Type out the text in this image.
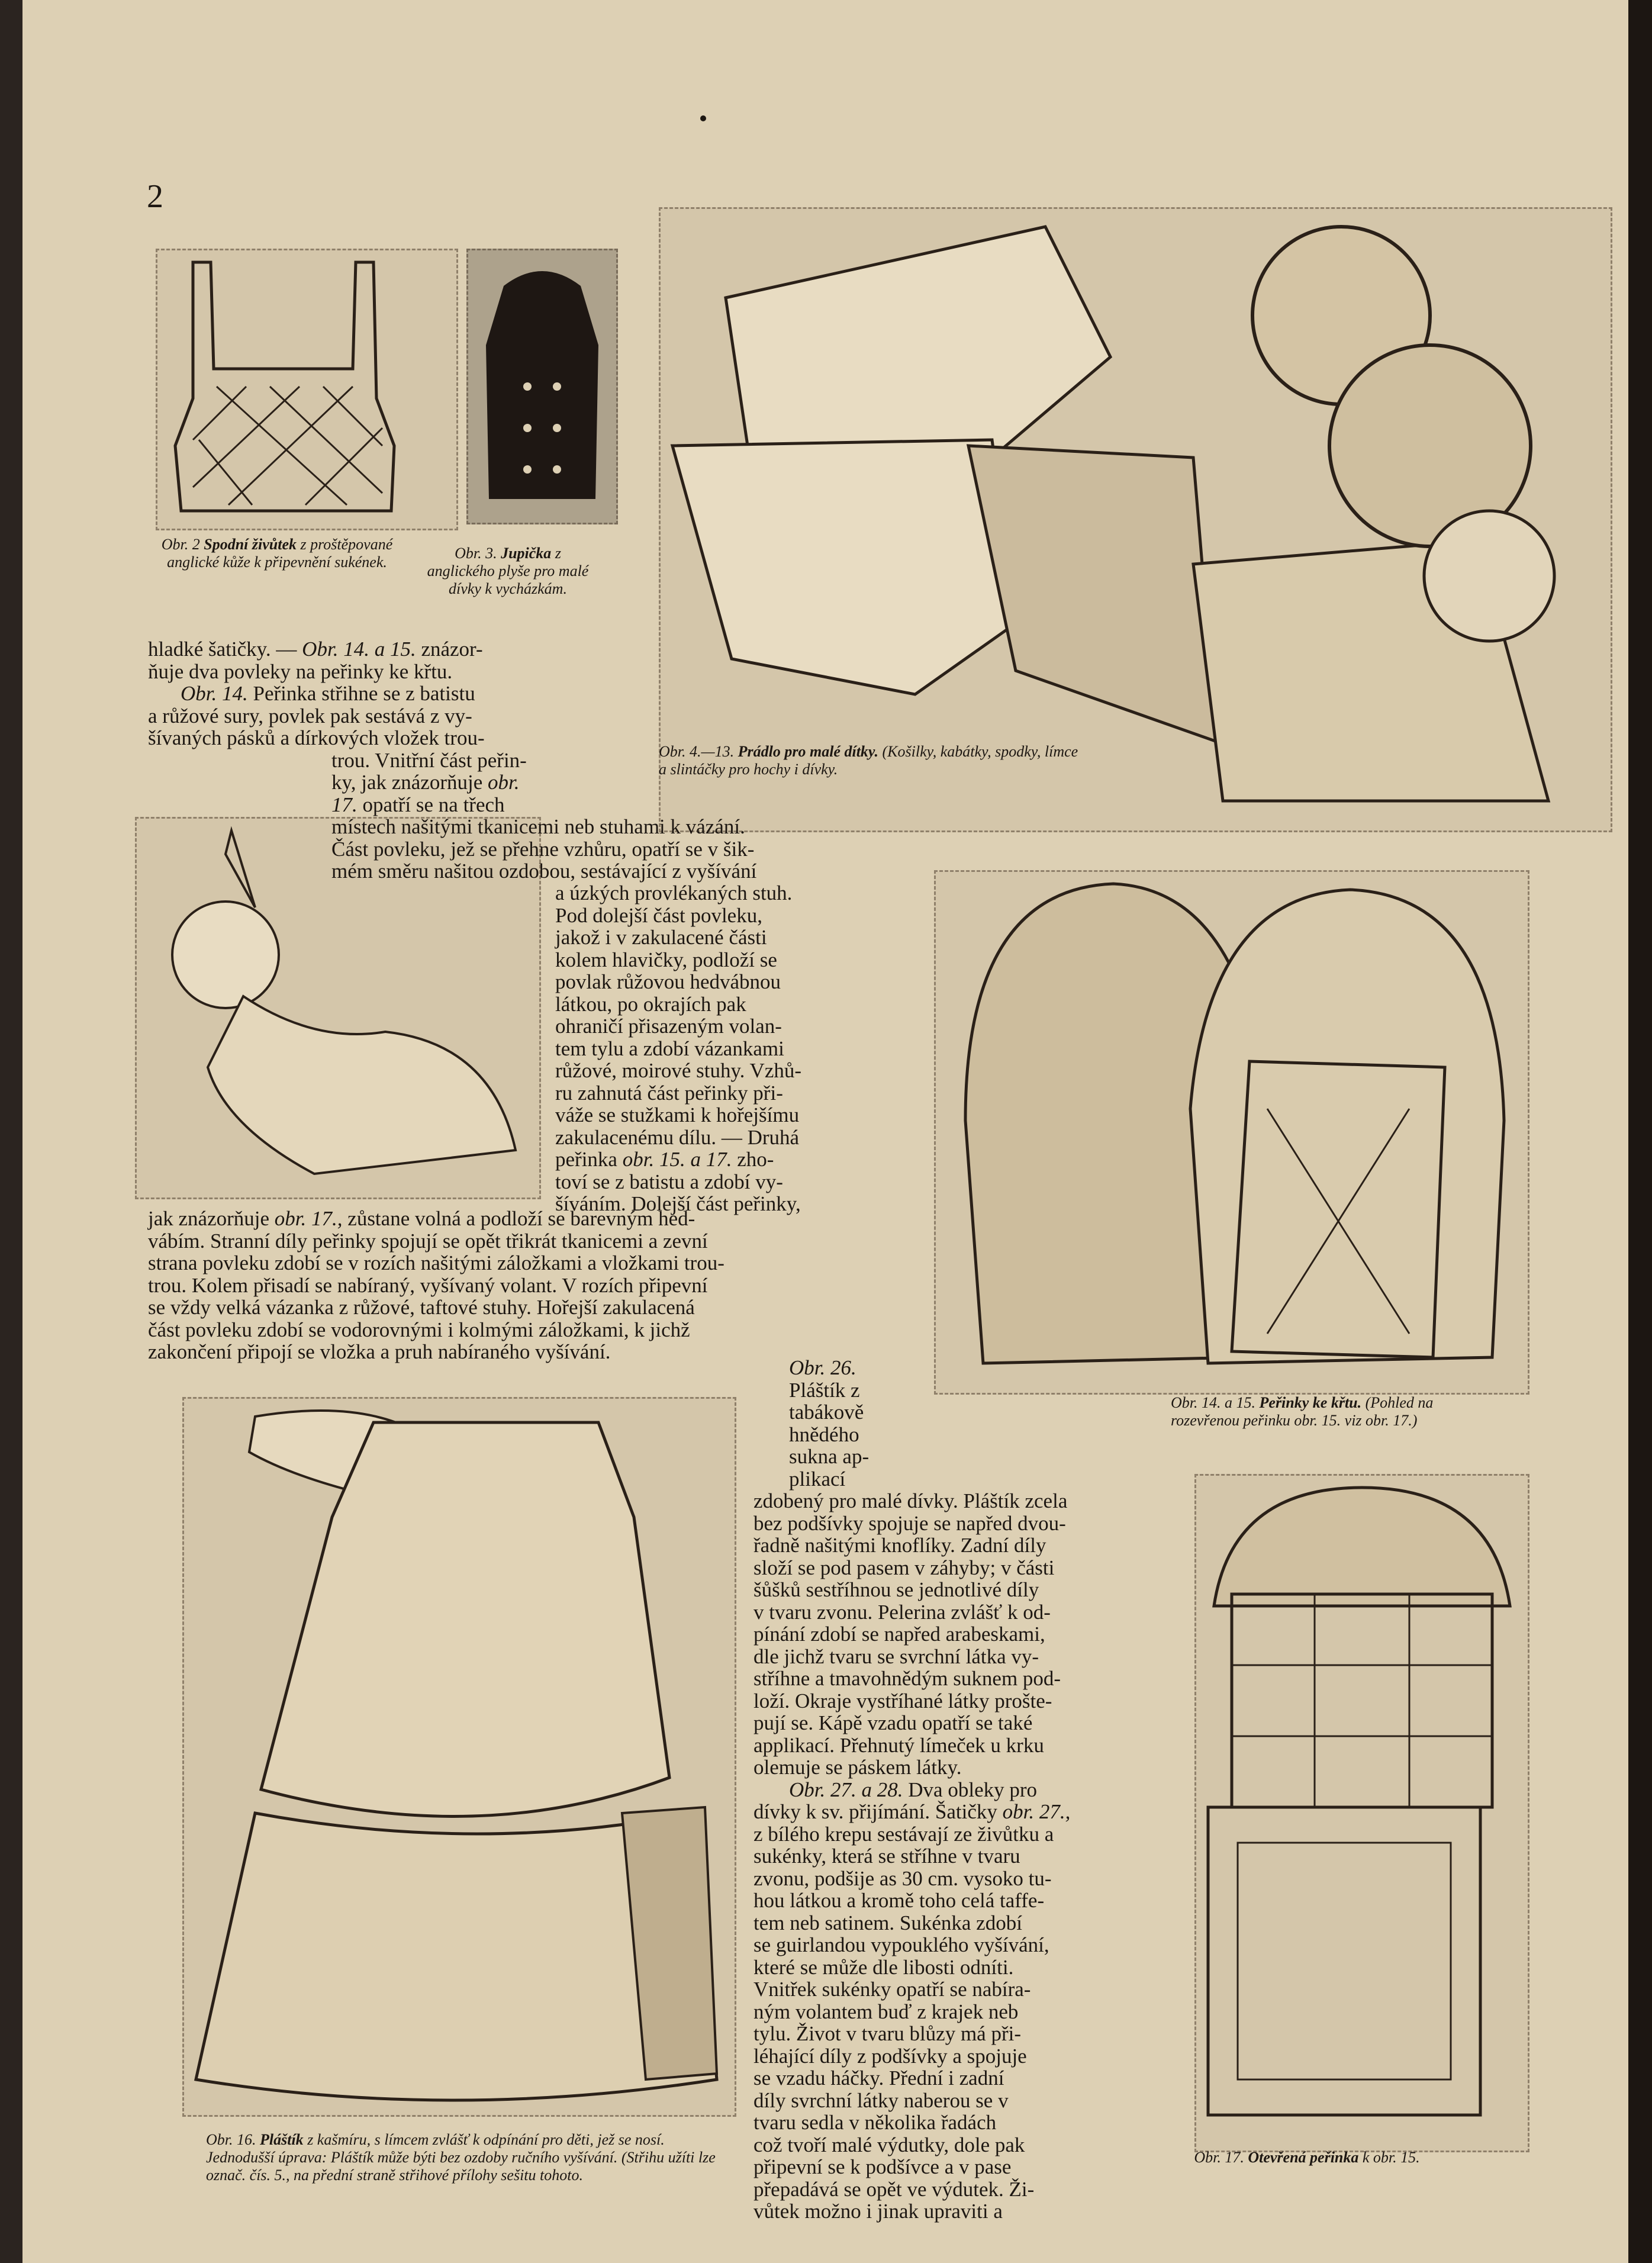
2
Obr. 2 Spodní živůtek z proštěpované anglické kůže k připevnění sukének.
Obr. 3. Jupička z anglického plyše pro malé dívky k vycházkám.
Obr. 4.—13. Prádlo pro malé dítky. (Košilky, kabátky, spodky, límce a slintáčky pro hochy i dívky.

hladké šatičky. — Obr. 14. a 15. znázor-

ňuje dva povleky na peřinky ke křtu.

Obr. 14. Peřinka střihne se z batistu

a růžové sury, povlek pak sestává z vy-

šívaných pásků a dírkových vložek trou-

trou. Vnitřní část peřin-

ky, jak znázorňuje obr.

17. opatří se na třech

místech našitými tkanicemi neb stuhami k vázání.

Část povleku, jež se přehne vzhůru, opatří se v šik-

mém směru našitou ozdobou, sestávající z vyšívání

a úzkých provlékaných stuh.

Pod dolejší část povleku,

jakož i v zakulacené části

kolem hlavičky, podloží se

povlak růžovou hedvábnou

látkou, po okrajích pak

ohraničí přisazeným volan-

tem tylu a zdobí vázankami

růžové, moirové stuhy. Vzhů-

ru zahnutá část peřinky při-

váže se stužkami k hořejšímu

zakulacenému dílu. — Druhá

peřinka obr. 15. a 17. zho-

toví se z batistu a zdobí vy-

šíváním. Dolejší část peřinky,

jak znázorňuje obr. 17., zůstane volná a podloží se barevným hed-

vábím. Stranní díly peřinky spojují se opět třikrát tkanicemi a zevní

strana povleku zdobí se v rozích našitými záložkami a vložkami trou-

trou. Kolem přisadí se nabíraný, vyšívaný volant. V rozích připevní

se vždy velká vázanka z růžové, taftové stuhy. Hořejší zakulacená

část povleku zdobí se vodorovnými i kolmými záložkami, k jichž

zakončení připojí se vložka a pruh nabíraného vyšívání.

Obr. 14. a 15. Peřinky ke křtu. (Pohled na rozevřenou peřinku obr. 15. viz obr. 17.)
Obr. 16. Pláštík z kašmíru, s límcem zvlášť k odpínání pro děti, jež se nosí. Jednodušší úprava: Pláštík může býti bez ozdoby ručního vyšívání. (Střihu užíti lze označ. čís. 5., na přední straně střihové přílohy sešitu tohoto.

Obr. 26.

Pláštík z

tabákově

hnědého

sukna ap-

plikací

zdobený pro malé dívky. Pláštík zcela

bez podšívky spojuje se napřed dvou-

řadně našitými knoflíky. Zadní díly

složí se pod pasem v záhyby; v části

šůšků sestříhnou se jednotlivé díly

v tvaru zvonu. Pelerina zvlášť k od-

pínání zdobí se napřed arabeskami,

dle jichž tvaru se svrchní látka vy-

stříhne a tmavohnědým suknem pod-

loží. Okraje vystříhané látky prošte-

pují se. Kápě vzadu opatří se také

applikací. Přehnutý límeček u krku

olemuje se páskem látky.

Obr. 27. a 28. Dva obleky pro

dívky k sv. přijímání. Šatičky obr. 27.,

z bílého krepu sestávají ze živůtku a

sukénky, která se stříhne v tvaru

zvonu, podšije as 30 cm. vysoko tu-

hou látkou a kromě toho celá taffe-

tem neb satinem. Sukénka zdobí

se guirlandou vypouklého vyšívání,

které se může dle libosti odníti.

Vnitřek sukénky opatří se nabíra-

ným volantem buď z krajek neb

tylu. Život v tvaru blůzy má při-

léhající díly z podšívky a spojuje

se vzadu háčky. Přední i zadní

díly svrchní látky naberou se v

tvaru sedla v několika řadách

což tvoří malé výdutky, dole pak

připevní se k podšívce a v pase

přepadává se opět ve výdutek. Ži-

vůtek možno i jinak upraviti a

Obr. 17. Otevřená peřinka k obr. 15.
